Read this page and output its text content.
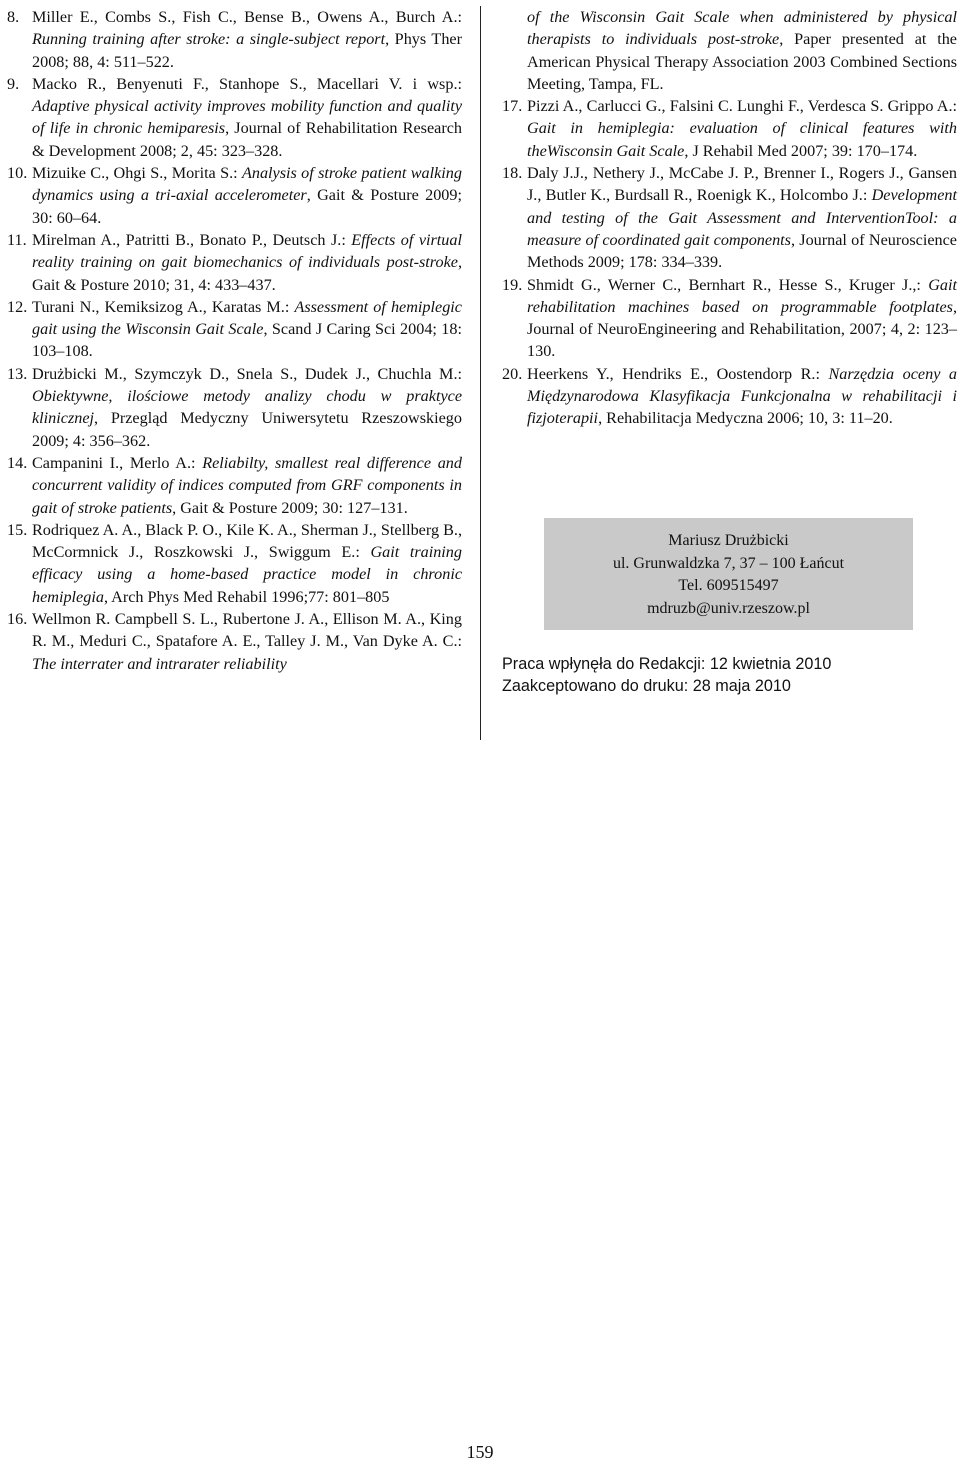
8. Miller E., Combs S., Fish C., Bense B., Owens A., Burch A.: Running training after stroke: a single-subject report, Phys Ther 2008; 88, 4: 511–522.
9. Macko R., Benyenuti F., Stanhope S., Macellari V. i wsp.: Adaptive physical activity improves mobility function and quality of life in chronic hemiparesis, Journal of Rehabilitation Research & Development 2008; 2, 45: 323–328.
10. Mizuike C., Ohgi S., Morita S.: Analysis of stroke patient walking dynamics using a tri-axial accelerometer, Gait & Posture 2009; 30: 60–64.
11. Mirelman A., Patritti B., Bonato P., Deutsch J.: Effects of virtual reality training on gait biomechanics of individuals post-stroke, Gait & Posture 2010; 31, 4: 433–437.
12. Turani N., Kemiksizog A., Karatas M.: Assessment of hemiplegic gait using the Wisconsin Gait Scale, Scand J Caring Sci 2004; 18: 103–108.
13. Drużbicki M., Szymczyk D., Snela S., Dudek J., Chuchla M.: Obiektywne, ilościowe metody analizy chodu w praktyce klinicznej, Przegląd Medyczny Uniwersytetu Rzeszowskiego 2009; 4: 356–362.
14. Campanini I., Merlo A.: Reliabilty, smallest real difference and concurrent validity of indices computed from GRF components in gait of stroke patients, Gait & Posture 2009; 30: 127–131.
15. Rodriquez A. A., Black P. O., Kile K. A., Sherman J., Stellberg B., McCormnick J., Roszkowski J., Swiggum E.: Gait training efficacy using a home-based practice model in chronic hemiplegia, Arch Phys Med Rehabil 1996;77: 801–805
16. Wellmon R. Campbell S. L., Rubertone J. A., Ellison M. A., King R. M., Meduri C., Spatafore A. E., Talley J. M., Van Dyke A. C.: The interrater and intrarater reliability
of the Wisconsin Gait Scale when administered by physical therapists to individuals post-stroke, Paper presented at the American Physical Therapy Association 2003 Combined Sections Meeting, Tampa, FL.
17. Pizzi A., Carlucci G., Falsini C. Lunghi F., Verdesca S. Grippo A.: Gait in hemiplegia: evaluation of clinical features with theWisconsin Gait Scale, J Rehabil Med 2007; 39: 170–174.
18. Daly J.J., Nethery J., McCabe J. P., Brenner I., Rogers J., Gansen J., Butler K., Burdsall R., Roenigk K., Holcombo J.: Development and testing of the Gait Assessment and InterventionTool: a measure of coordinated gait components, Journal of Neuroscience Methods 2009; 178: 334–339.
19. Shmidt G., Werner C., Bernhart R., Hesse S., Kruger J.,: Gait rehabilitation machines based on programmable footplates, Journal of NeuroEngineering and Rehabilitation, 2007; 4, 2: 123–130.
20. Heerkens Y., Hendriks E., Oostendorp R.: Narzędzia oceny a Międzynarodowa Klasyfikacja Funkcjonalna w rehabilitacji i fizjoterapii, Rehabilitacja Medyczna 2006; 10, 3: 11–20.
Mariusz Drużbicki
ul. Grunwaldzka 7, 37 – 100 Łańcut
Tel. 609515497
mdruzb@univ.rzeszow.pl
Praca wpłynęła do Redakcji: 12 kwietnia 2010
Zaakceptowano do druku: 28 maja 2010
159
